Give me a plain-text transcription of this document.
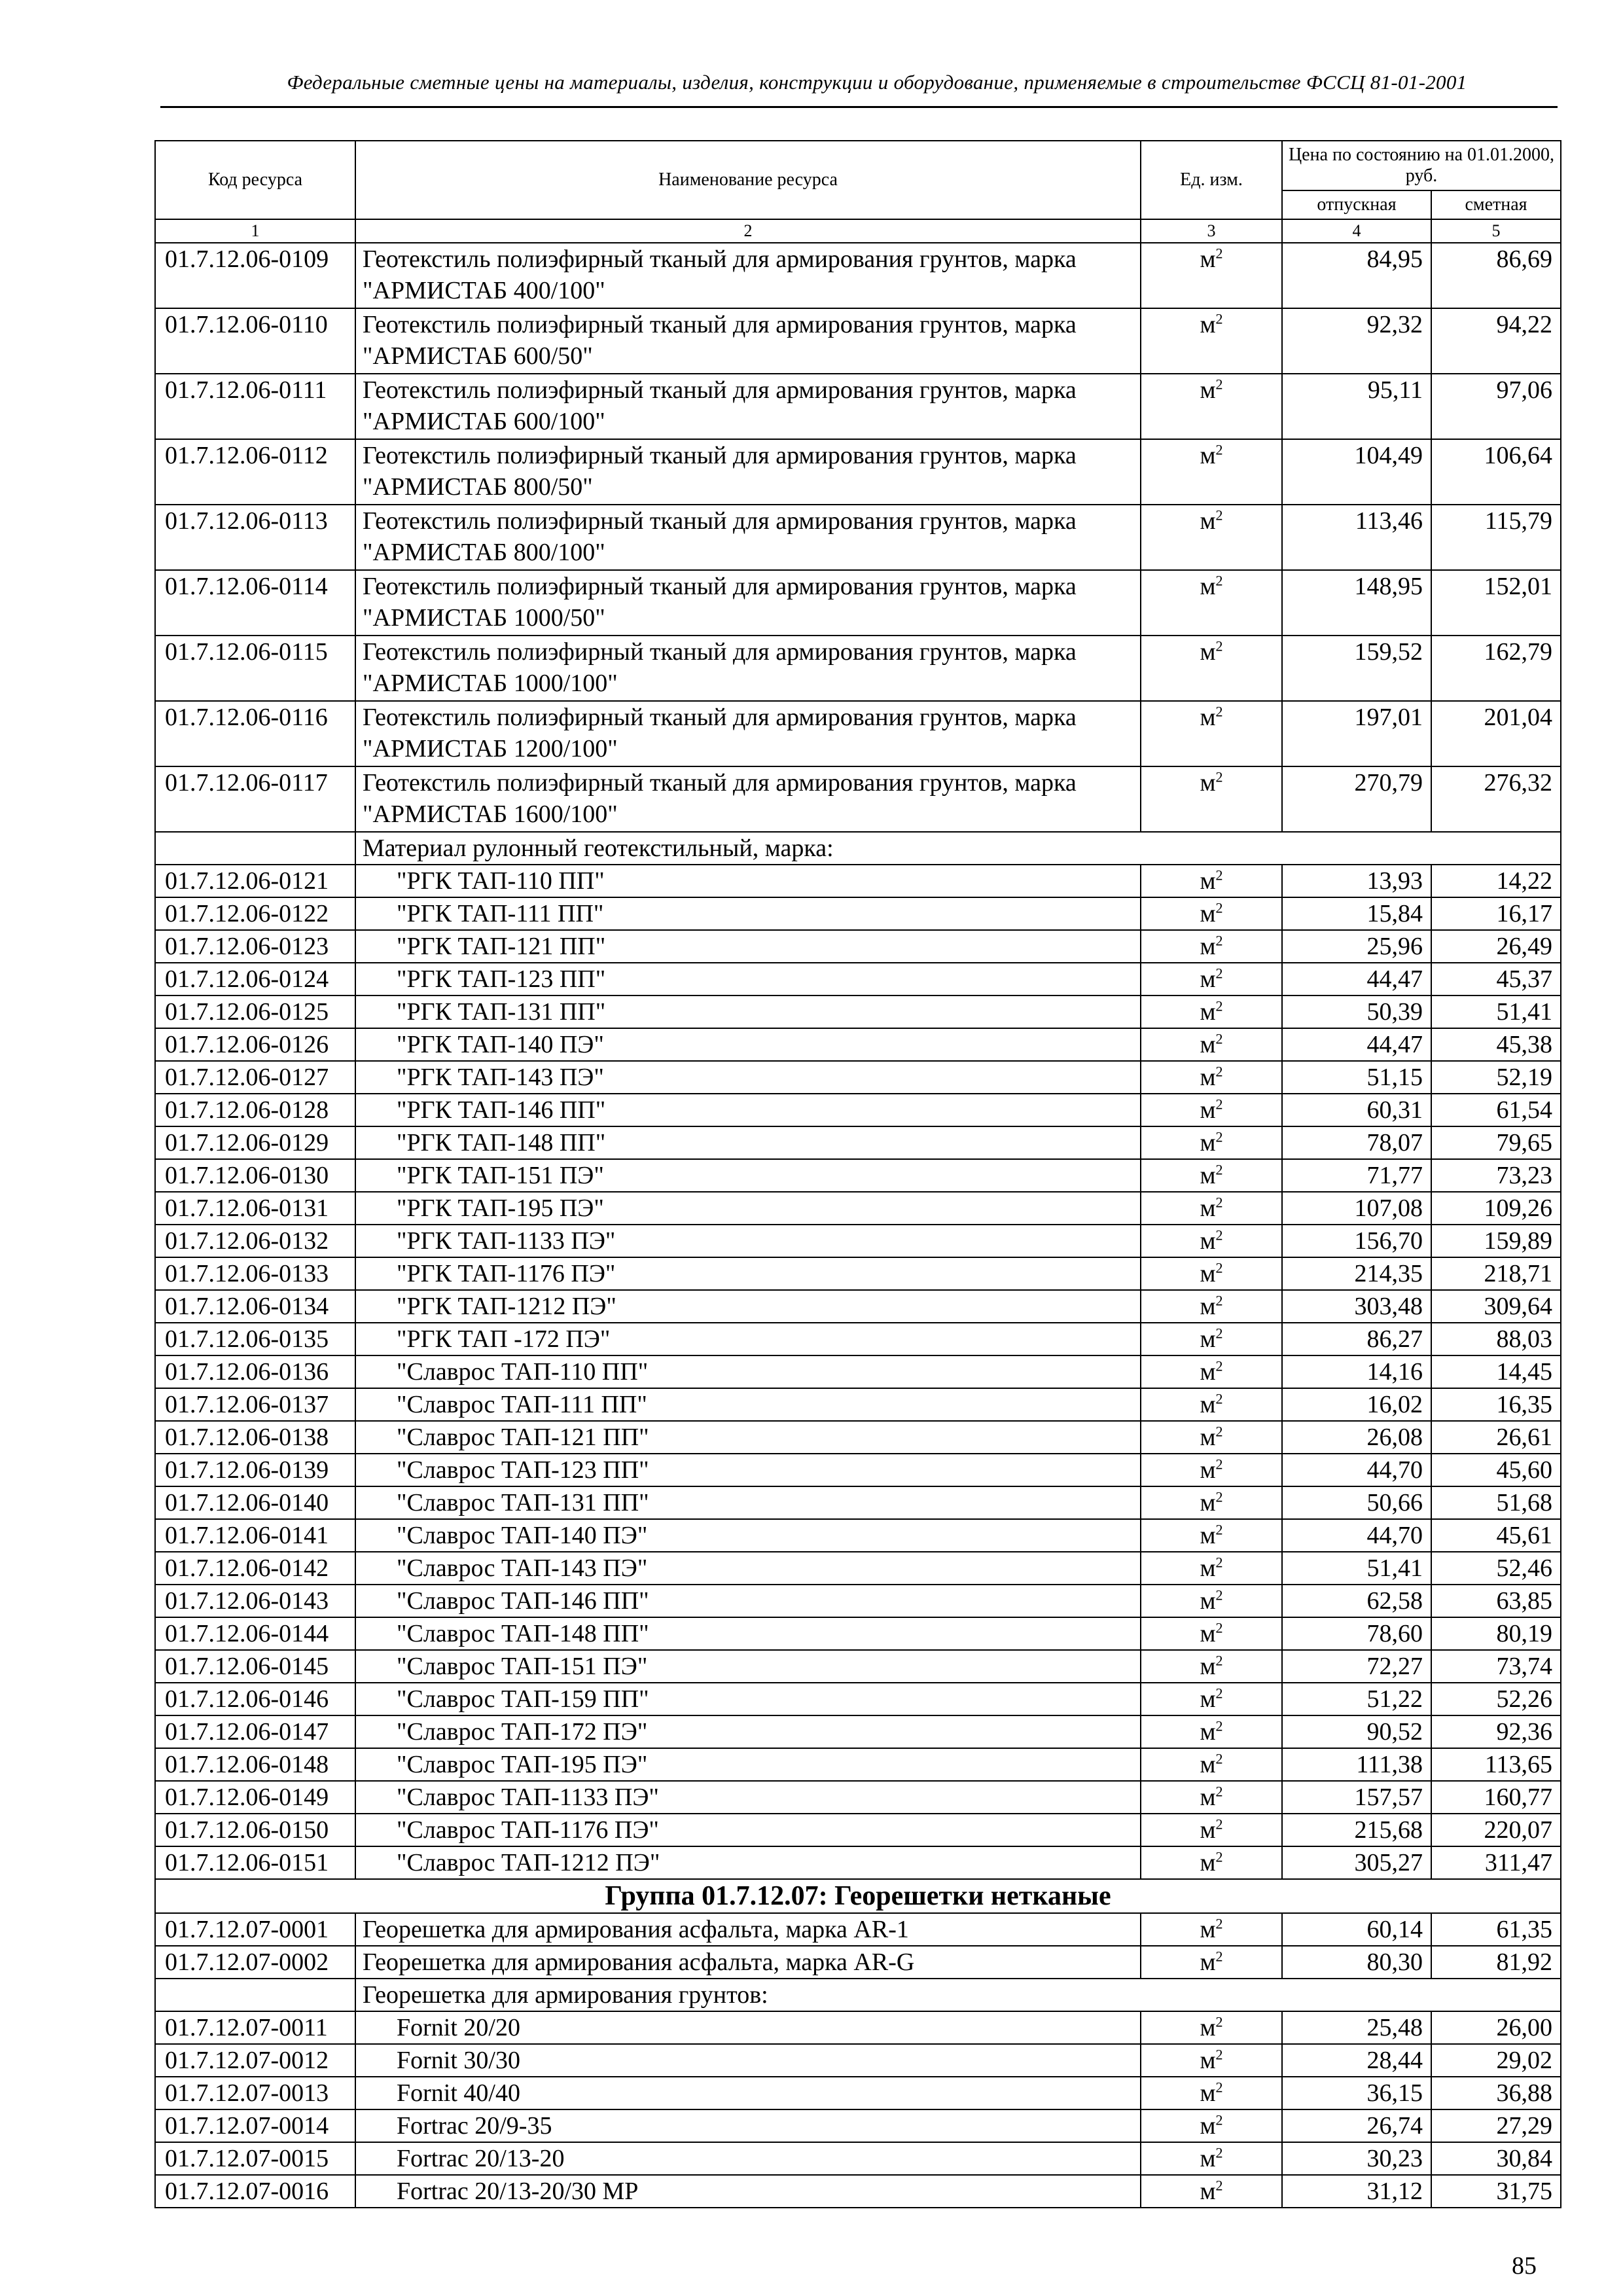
Федеральные сметные цены на материалы, изделия, конструкции и оборудование, применяемые в строительстве ФССЦ 81-01-2001
Код ресурса	Наименование ресурса	Ед. изм.	Цена по состоянию на 01.01.2000, руб.	
			отпускная	сметная
1	2	3	4	5
01.7.12.06-0109	Геотекстиль полиэфирный тканый для армирования грунтов, марка "АРМИСТАБ 400/100"	$м^2$	84,95	86,69
01.7.12.06-0110	Геотекстиль полиэфирный тканый для армирования грунтов, марка "АРМИСТАБ 600/50"	$м^2$	92,32	94,22
01.7.12.06-0111	Геотекстиль полиэфирный тканый для армирования грунтов, марка "АРМИСТАБ 600/100"	$м^2$	95,11	97,06
01.7.12.06-0112	Геотекстиль полиэфирный тканый для армирования грунтов, марка "АРМИСТАБ 800/50"	$м^2$	104,49	106,64
01.7.12.06-0113	Геотекстиль полиэфирный тканый для армирования грунтов, марка "АРМИСТАБ 800/100"	$м^2$	113,46	115,79
01.7.12.06-0114	Геотекстиль полиэфирный тканый для армирования грунтов, марка "АРМИСТАБ 1000/50"	$м^2$	148,95	152,01
01.7.12.06-0115	Геотекстиль полиэфирный тканый для армирования грунтов, марка "АРМИСТАБ 1000/100"	$м^2$	159,52	162,79
01.7.12.06-0116	Геотекстиль полиэфирный тканый для армирования грунтов, марка "АРМИСТАБ 1200/100"	$м^2$	197,01	201,04
01.7.12.06-0117	Геотекстиль полиэфирный тканый для армирования грунтов, марка "АРМИСТАБ 1600/100"	$м^2$	270,79	276,32
	Материал рулонный геотекстильный, марка:			
01.7.12.06-0121	"РГК ТАП-110 ПП"	$м^2$	13,93	14,22
01.7.12.06-0122	"РГК ТАП-111 ПП"	$м^2$	15,84	16,17
01.7.12.06-0123	"РГК ТАП-121 ПП"	$м^2$	25,96	26,49
01.7.12.06-0124	"РГК ТАП-123 ПП"	$м^2$	44,47	45,37
01.7.12.06-0125	"РГК ТАП-131 ПП"	$м^2$	50,39	51,41
01.7.12.06-0126	"РГК ТАП-140 ПЭ"	$м^2$	44,47	45,38
01.7.12.06-0127	"РГК ТАП-143 ПЭ"	$м^2$	51,15	52,19
01.7.12.06-0128	"РГК ТАП-146 ПП"	$м^2$	60,31	61,54
01.7.12.06-0129	"РГК ТАП-148 ПП"	$м^2$	78,07	79,65
01.7.12.06-0130	"РГК ТАП-151 ПЭ"	$м^2$	71,77	73,23
01.7.12.06-0131	"РГК ТАП-195 ПЭ"	$м^2$	107,08	109,26
01.7.12.06-0132	"РГК ТАП-1133 ПЭ"	$м^2$	156,70	159,89
01.7.12.06-0133	"РГК ТАП-1176 ПЭ"	$м^2$	214,35	218,71
01.7.12.06-0134	"РГК ТАП-1212 ПЭ"	$м^2$	303,48	309,64
01.7.12.06-0135	"РГК ТАП -172 ПЭ"	$м^2$	86,27	88,03
01.7.12.06-0136	"Славрос ТАП-110 ПП"	$м^2$	14,16	14,45
01.7.12.06-0137	"Славрос ТАП-111 ПП"	$м^2$	16,02	16,35
01.7.12.06-0138	"Славрос ТАП-121 ПП"	$м^2$	26,08	26,61
01.7.12.06-0139	"Славрос ТАП-123 ПП"	$м^2$	44,70	45,60
01.7.12.06-0140	"Славрос ТАП-131 ПП"	$м^2$	50,66	51,68
01.7.12.06-0141	"Славрос ТАП-140 ПЭ"	$м^2$	44,70	45,61
01.7.12.06-0142	"Славрос ТАП-143 ПЭ"	$м^2$	51,41	52,46
01.7.12.06-0143	"Славрос ТАП-146 ПП"	$м^2$	62,58	63,85
01.7.12.06-0144	"Славрос ТАП-148 ПП"	$м^2$	78,60	80,19
01.7.12.06-0145	"Славрос ТАП-151 ПЭ"	$м^2$	72,27	73,74
01.7.12.06-0146	"Славрос ТАП-159 ПП"	$м^2$	51,22	52,26
01.7.12.06-0147	"Славрос ТАП-172 ПЭ"	$м^2$	90,52	92,36
01.7.12.06-0148	"Славрос ТАП-195 ПЭ"	$м^2$	111,38	113,65
01.7.12.06-0149	"Славрос ТАП-1133 ПЭ"	$м^2$	157,57	160,77
01.7.12.06-0150	"Славрос ТАП-1176 ПЭ"	$м^2$	215,68	220,07
01.7.12.06-0151	"Славрос ТАП-1212 ПЭ"	$м^2$	305,27	311,47
Группа 01.7.12.07: Георешетки нетканые				
01.7.12.07-0001	Георешетка для армирования асфальта, марка AR-1	$м^2$	60,14	61,35
01.7.12.07-0002	Георешетка для армирования асфальта, марка AR-G	$м^2$	80,30	81,92
	Георешетка для армирования грунтов:			
01.7.12.07-0011	Fornit 20/20	$м^2$	25,48	26,00
01.7.12.07-0012	Fornit 30/30	$м^2$	28,44	29,02
01.7.12.07-0013	Fornit 40/40	$м^2$	36,15	36,88
01.7.12.07-0014	Fortrac 20/9-35	$м^2$	26,74	27,29
01.7.12.07-0015	Fortrac 20/13-20	$м^2$	30,23	30,84
01.7.12.07-0016	Fortrac 20/13-20/30 MP	$м^2$	31,12	31,75
85
